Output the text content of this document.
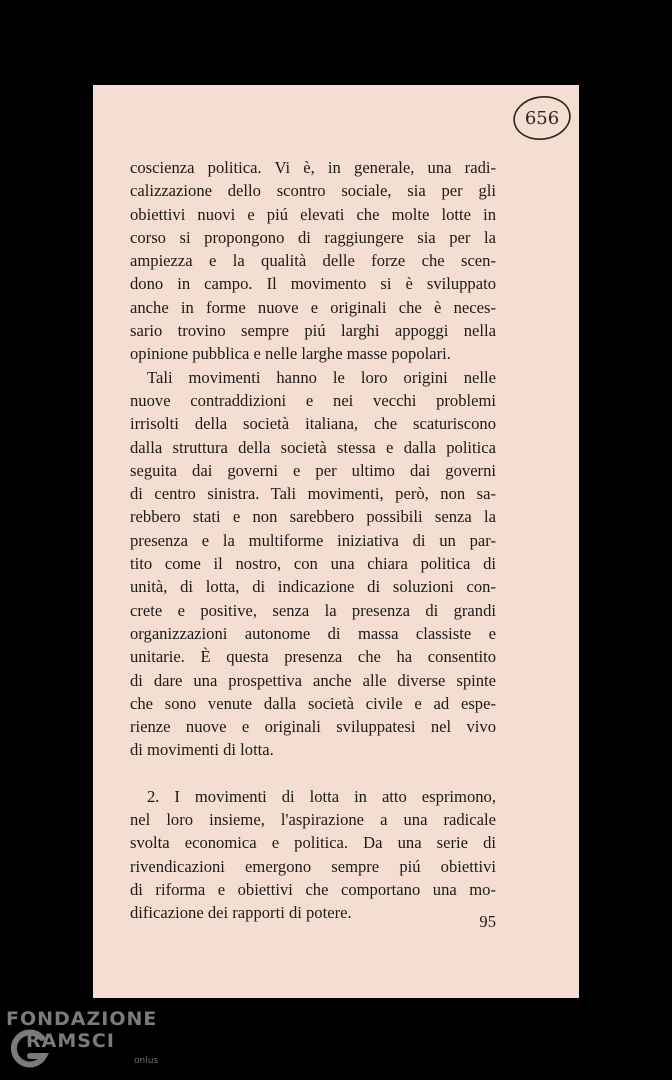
656
coscienza politica. Vi è, in generale, una radi-
calizzazione dello scontro sociale, sia per gli
obiettivi nuovi e piú elevati che molte lotte in
corso si propongono di raggiungere sia per la
ampiezza e la qualità delle forze che scen-
dono in campo. Il movimento si è sviluppato
anche in forme nuove e originali che è neces-
sario trovino sempre piú larghi appoggi nella
opinione pubblica e nelle larghe masse popolari.
Tali movimenti hanno le loro origini nelle
nuove contraddizioni e nei vecchi problemi
irrisolti della società italiana, che scaturiscono
dalla struttura della società stessa e dalla politica
seguita dai governi e per ultimo dai governi
di centro sinistra. Tali movimenti, però, non sa-
rebbero stati e non sarebbero possibili senza la
presenza e la multiforme iniziativa di un par-
tito come il nostro, con una chiara politica di
unità, di lotta, di indicazione di soluzioni con-
crete e positive, senza la presenza di grandi
organizzazioni autonome di massa classiste e
unitarie. È questa presenza che ha consentito
di dare una prospettiva anche alle diverse spinte
che sono venute dalla società civile e ad espe-
rienze nuove e originali sviluppatesi nel vivo
di movimenti di lotta.
2. I movimenti di lotta in atto esprimono,
nel loro insieme, l'aspirazione a una radicale
svolta economica e politica. Da una serie di
rivendicazioni emergono sempre piú obiettivi
di riforma e obiettivi che comportano una mo-
dificazione dei rapporti di potere.	95
FONDAZIONE
RAMSCI
onlus
